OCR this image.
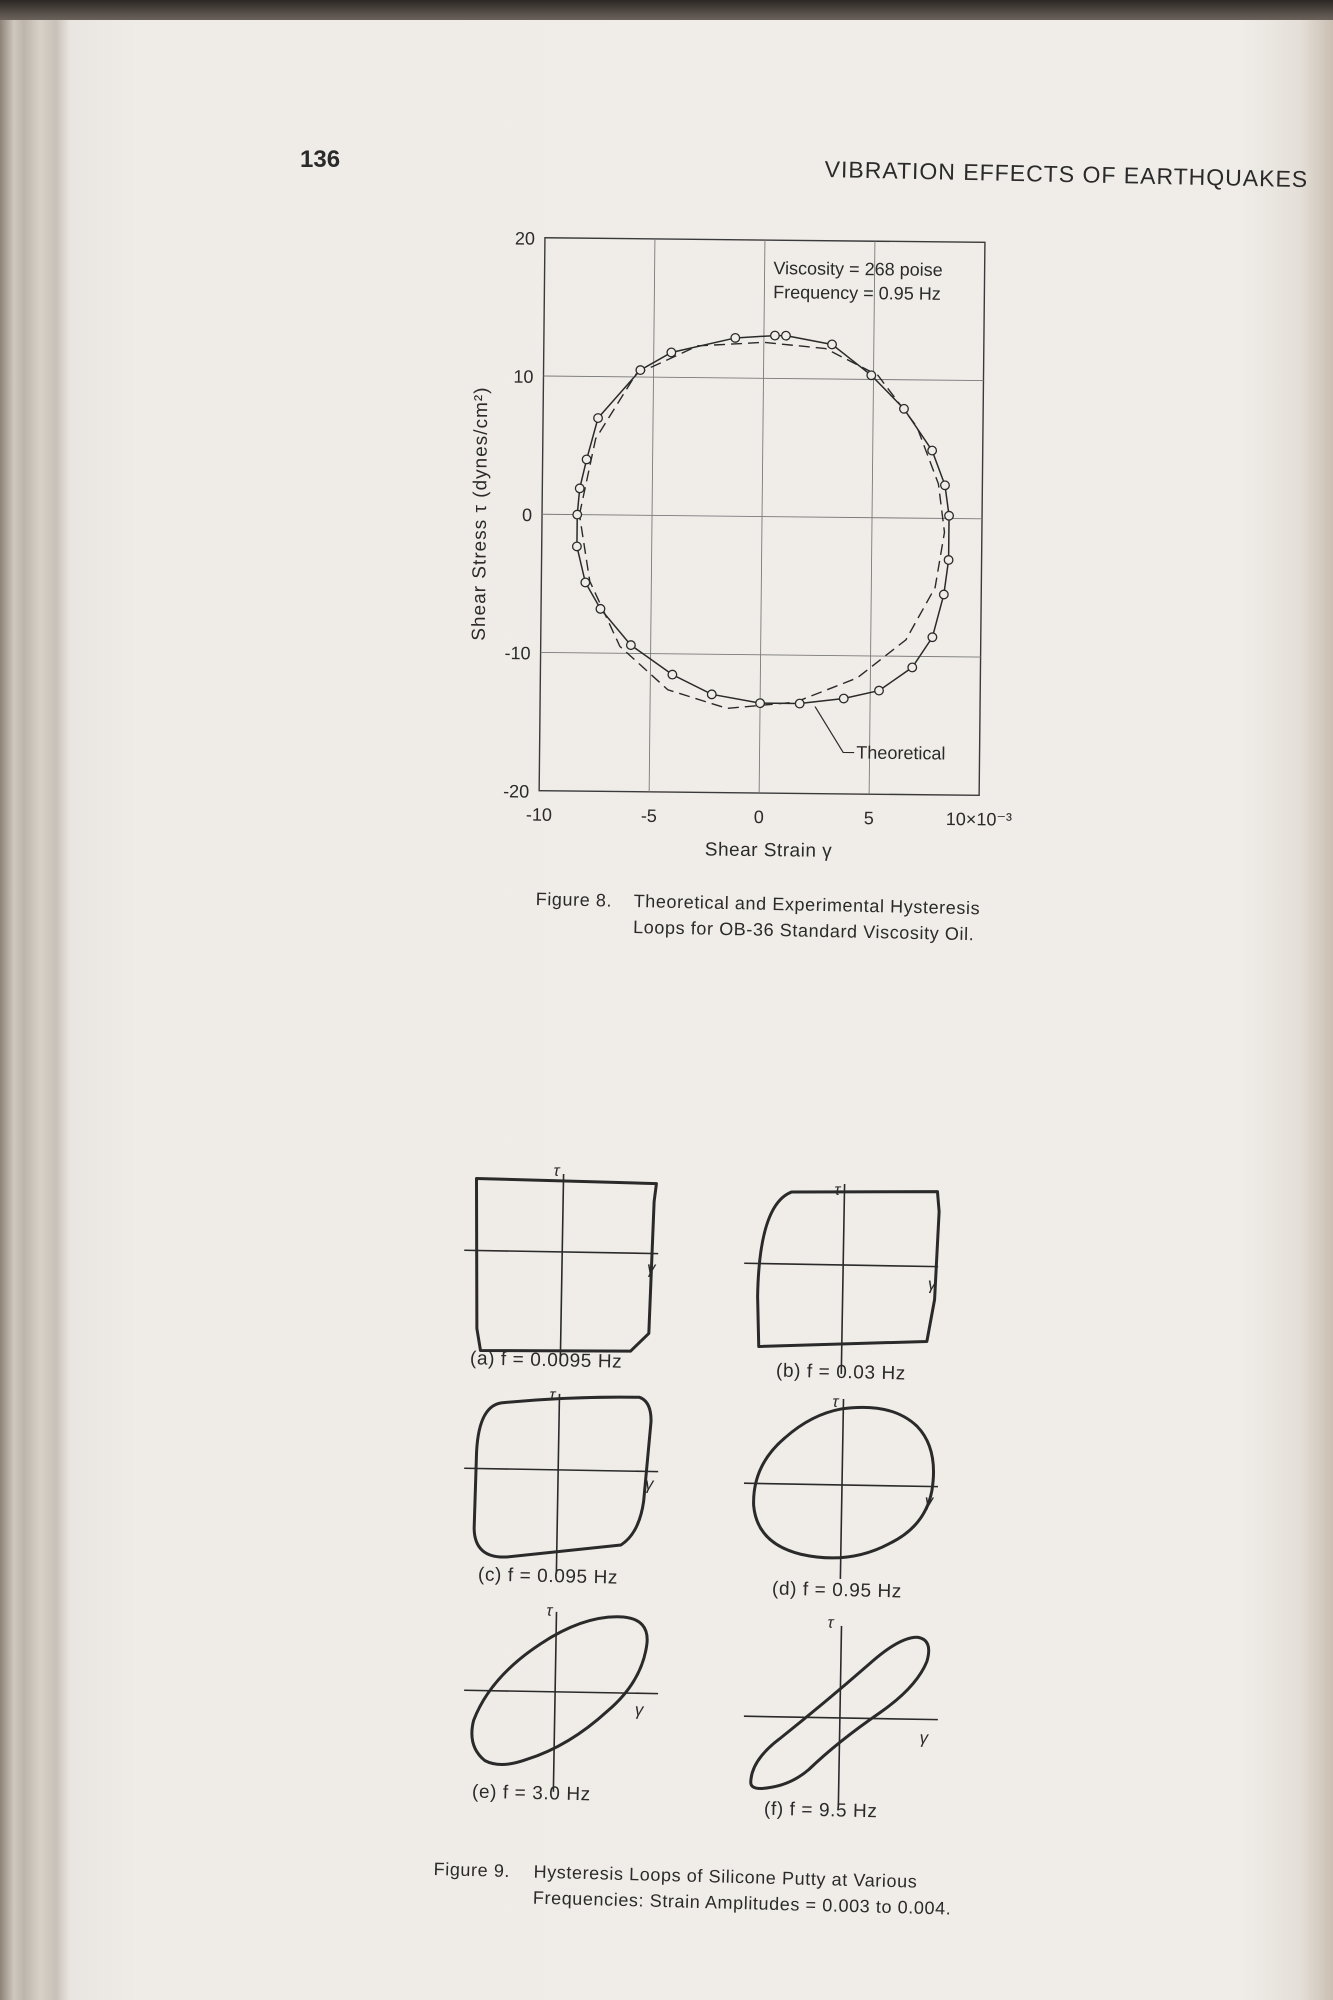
136	VIBRATION EFFECTS OF EARTHQUAKES
-10	-5	0	5	10×10⁻³
20
10
0
-10
-20
Shear Strain γ
Shear Stress τ (dynes/cm²)
Viscosity = 268 poise
Frequency = 0.95 Hz
Theoretical
Figure 8. Theoretical and Experimental Hysteresis
Loops for OB-36 Standard Viscosity Oil.
τ
γ
(a) f = 0.0095 Hz
τ
γ
(b) f = 0.03 Hz
τ
γ
(c) f = 0.095 Hz
τ
γ
(d) f = 0.95 Hz
τ
γ
(e) f = 3.0 Hz
τ
γ
(f) f = 9.5 Hz
Figure 9. Hysteresis Loops of Silicone Putty at Various
Frequencies: Strain Amplitudes = 0.003 to 0.004.
